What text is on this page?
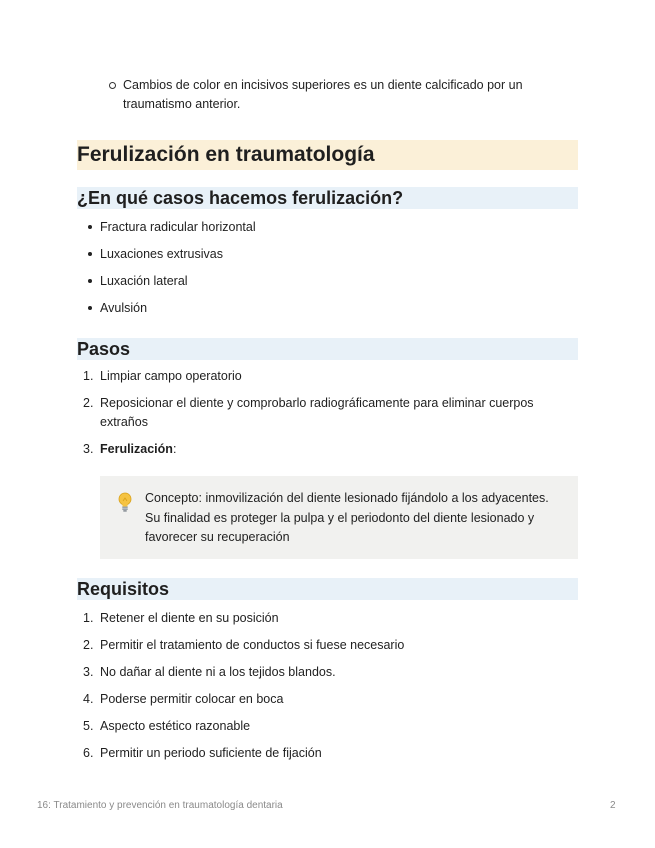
Cambios de color en incisivos superiores es un diente calcificado por un traumatismo anterior.
Ferulización en traumatología
¿En qué casos hacemos ferulización?
Fractura radicular horizontal
Luxaciones extrusivas
Luxación lateral
Avulsión
Pasos
1. Limpiar campo operatorio
2. Reposicionar el diente y comprobarlo radiográficamente para eliminar cuerpos extraños
3. Ferulización:
Concepto: inmovilización del diente lesionado fijándolo a los adyacentes. Su finalidad es proteger la pulpa y el periodonto del diente lesionado y favorecer su recuperación
Requisitos
1. Retener el diente en su posición
2. Permitir el tratamiento de conductos si fuese necesario
3. No dañar al diente ni a los tejidos blandos.
4. Poderse permitir colocar en boca
5. Aspecto estético razonable
6. Permitir un periodo suficiente de fijación
16: Tratamiento y prevención en traumatología dentaria	2
